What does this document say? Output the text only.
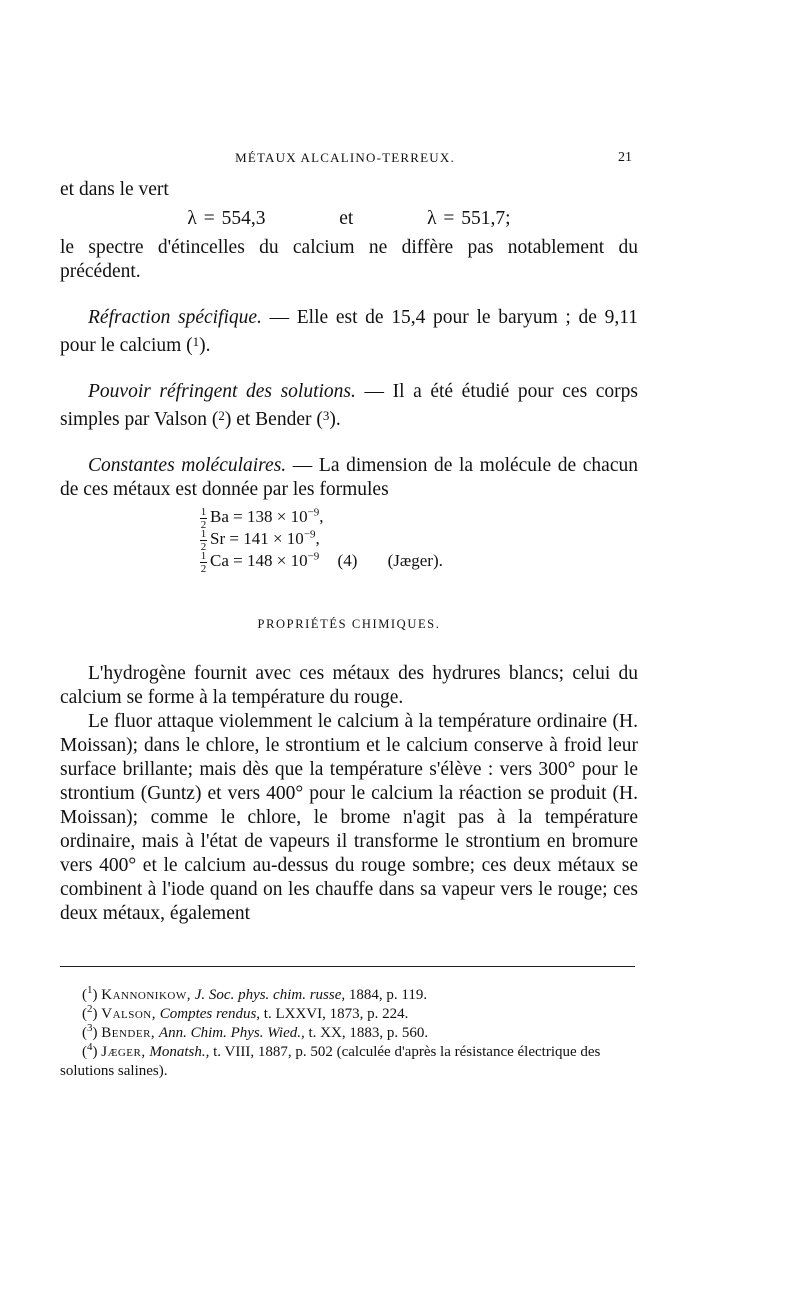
MÉTAUX ALCALINO-TERREUX.	21

et dans le vert

λ = 554,3	et	λ = 551,7;

le spectre d'étincelles du calcium ne diffère pas notablement du précédent.

Réfraction spécifique. — Elle est de 15,4 pour le baryum ; de 9,11 pour le calcium ($^1$).

Pouvoir réfringent des solutions. — Il a été étudié pour ces corps simples par Valson ($^2$) et Bender ($^3$).

Constantes moléculaires. — La dimension de la molécule de chacun de ces métaux est donnée par les formules

$\frac{1}{2}$ $Ba = 138 \times 10^{-9}$,
$\frac{1}{2}$ $Sr = 141 \times 10^{-9}$,
$\frac{1}{2}$ $Ca = 148 \times 10^{-9}$ (4) (Jæger).
PROPRIÉTÉS CHIMIQUES.

L'hydrogène fournit avec ces métaux des hydrures blancs; celui du calcium se forme à la température du rouge.

Le fluor attaque violemment le calcium à la température ordinaire (H. Moissan); dans le chlore, le strontium et le calcium conserve à froid leur surface brillante; mais dès que la température s'élève : vers 300° pour le strontium (Guntz) et vers 400° pour le calcium la réaction se produit (H. Moissan); comme le chlore, le brome n'agit pas à la température ordinaire, mais à l'état de vapeurs il transforme le strontium en bromure vers 400° et le calcium au-dessus du rouge sombre; ces deux métaux se combinent à l'iode quand on les chauffe dans sa vapeur vers le rouge; ces deux métaux, également

($^1$) Kannonikow, J. Soc. phys. chim. russe, 1884, p. 119.

($^2$) Valson, Comptes rendus, t. LXXVI, 1873, p. 224.

($^3$) Bender, Ann. Chim. Phys. Wied., t. XX, 1883, p. 560.

($^4$) Jæger, Monatsh., t. VIII, 1887, p. 502 (calculée d'après la résistance électrique des solutions salines).
